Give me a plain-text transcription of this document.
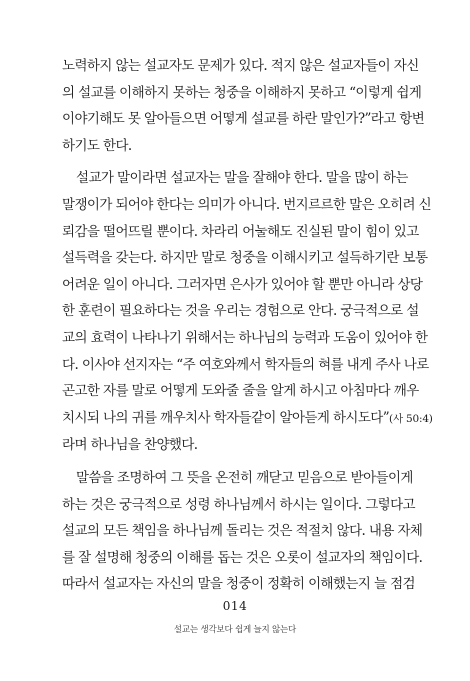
노력하지 않는 설교자도 문제가 있다. 적지 않은 설교자들이 자신
의 설교를 이해하지 못하는 청중을 이해하지 못하고 “이렇게 쉽게
이야기해도 못 알아들으면 어떻게 설교를 하란 말인가?”라고 항변
하기도 한다.

설교가 말이라면 설교자는 말을 잘해야 한다. 말을 많이 하는
말쟁이가 되어야 한다는 의미가 아니다. 번지르르한 말은 오히려 신
뢰감을 떨어뜨릴 뿐이다. 차라리 어눌해도 진실된 말이 힘이 있고
설득력을 갖는다. 하지만 말로 청중을 이해시키고 설득하기란 보통
어려운 일이 아니다. 그러자면 은사가 있어야 할 뿐만 아니라 상당
한 훈련이 필요하다는 것을 우리는 경험으로 안다. 궁극적으로 설
교의 효력이 나타나기 위해서는 하나님의 능력과 도움이 있어야 한
다. 이사야 선지자는 “주 여호와께서 학자들의 혀를 내게 주사 나로
곤고한 자를 말로 어떻게 도와줄 줄을 알게 하시고 아침마다 깨우
치시되 나의 귀를 깨우치사 학자들같이 알아듣게 하시도다”(사 50:4)
라며 하나님을 찬양했다.

말씀을 조명하여 그 뜻을 온전히 깨닫고 믿음으로 받아들이게
하는 것은 궁극적으로 성령 하나님께서 하시는 일이다. 그렇다고
설교의 모든 책임을 하나님께 돌리는 것은 적절치 않다. 내용 자체
를 잘 설명해 청중의 이해를 돕는 것은 오롯이 설교자의 책임이다.
따라서 설교자는 자신의 말을 청중이 정확히 이해했는지 늘 점검

014
설교는 생각보다 쉽게 늘지 않는다
